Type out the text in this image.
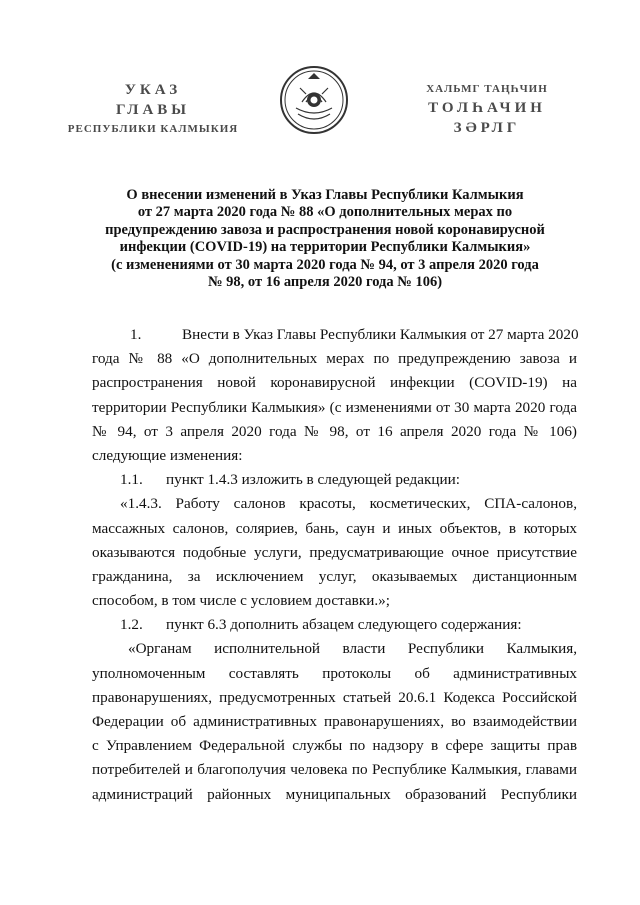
УКАЗ
ГЛАВЫ
РЕСПУБЛИКИ КАЛМЫКИЯ
ХАЛЬМГ ТАҢҺЧИН
ТОЛҺАЧИН
ЗӘРЛГ
О внесении изменений в Указ Главы Республики Калмыкия
от 27 марта 2020 года № 88 «О дополнительных мерах по
предупреждению завоза и распространения новой коронавирусной
инфекции (COVID-19) на территории Республики Калмыкия»
(с изменениями от 30 марта 2020 года № 94, от 3 апреля 2020 года
№ 98, от 16 апреля 2020 года № 106)
1.	Внести в Указ Главы Республики Калмыкия от 27 марта 2020
года № 88 «О дополнительных мерах по предупреждению завоза и
распространения новой коронавирусной инфекции (COVID-19) на
территории Республики Калмыкия» (с изменениями от 30 марта 2020 года
№ 94, от 3 апреля 2020 года № 98, от 16 апреля 2020 года № 106)
следующие изменения:
1.1. пункт 1.4.3 изложить в следующей редакции:
«1.4.3. Работу салонов красоты, косметических, СПА-салонов,
массажных салонов, соляриев, бань, саун и иных объектов, в которых
оказываются подобные услуги, предусматривающие очное присутствие
гражданина, за исключением услуг, оказываемых дистанционным
способом, в том числе с условием доставки.»;
1.2. пункт 6.3 дополнить абзацем следующего содержания:
«Органам исполнительной власти Республики Калмыкия,
уполномоченным составлять протоколы об административных
правонарушениях, предусмотренных статьей 20.6.1 Кодекса Российской
Федерации об административных правонарушениях, во взаимодействии
с Управлением Федеральной службы по надзору в сфере защиты прав
потребителей и благополучия человека по Республике Калмыкия, главами
администраций районных муниципальных образований Республики
